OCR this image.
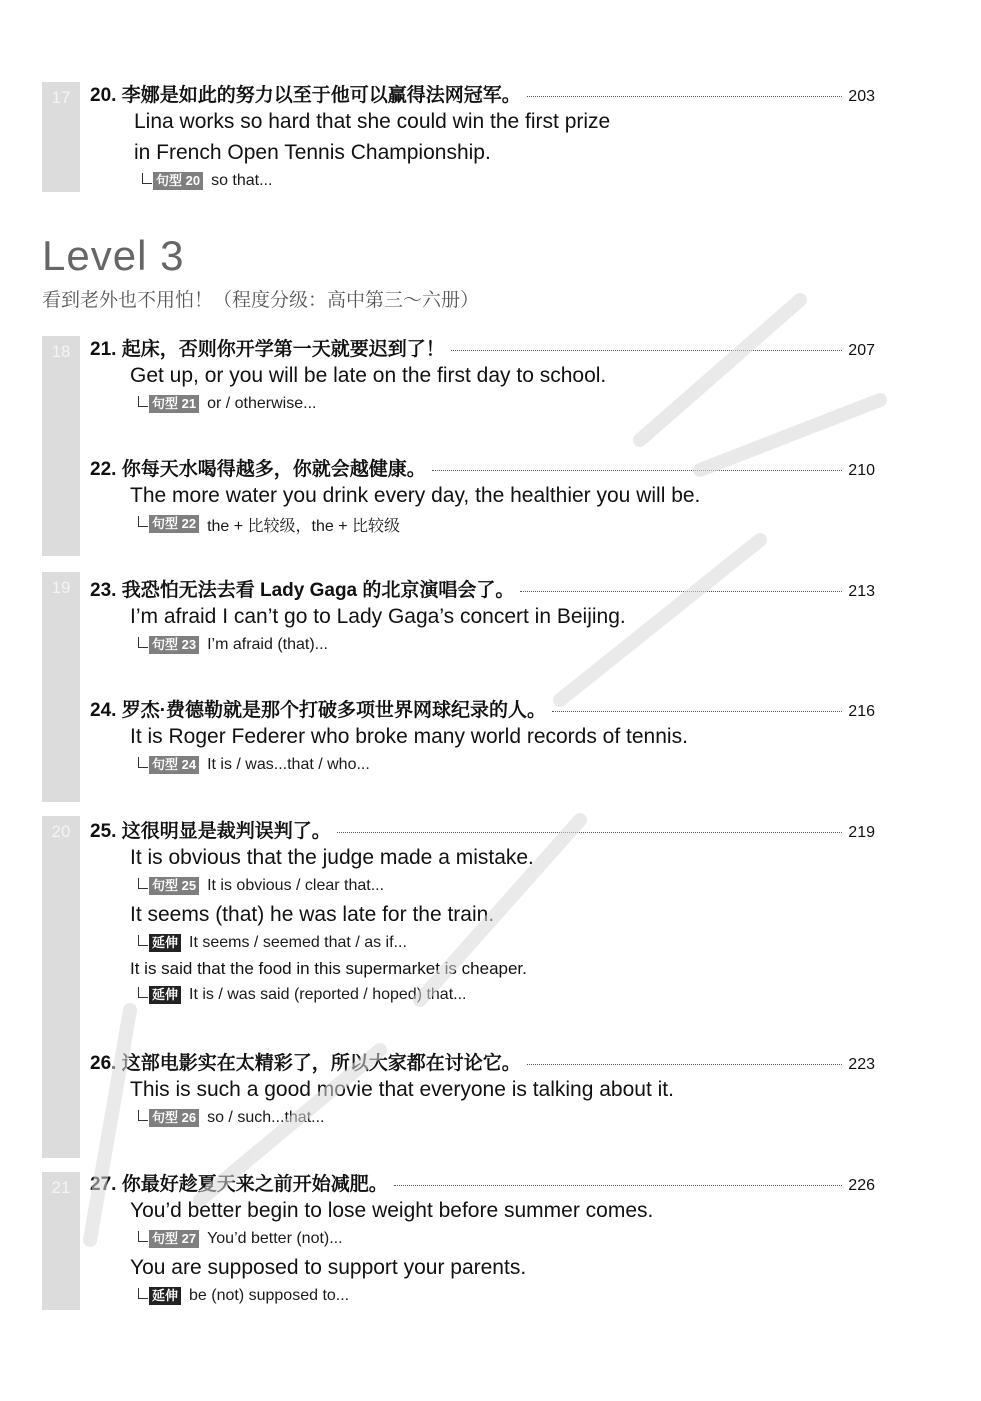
17
18
19
20
21
20. 李娜是如此的努力以至于他可以赢得法网冠军。	203
Lina works so hard that she could win the first prize
in French Open Tennis Championship.
句型 20 so that...
Level 3
看到老外也不用怕！（程度分级：高中第三～六册）
21. 起床，否则你开学第一天就要迟到了！	207
Get up, or you will be late on the first day to school.
句型 21 or / otherwise...
22. 你每天水喝得越多，你就会越健康。	210
The more water you drink every day, the healthier you will be.
句型 22 the + 比较级，the + 比较级
23. 我恐怕无法去看 Lady Gaga 的北京演唱会了。	213
I’m afraid I can’t go to Lady Gaga’s concert in Beijing.
句型 23 I’m afraid (that)...
24. 罗杰·费德勒就是那个打破多项世界网球纪录的人。	216
It is Roger Federer who broke many world records of tennis.
句型 24 It is / was...that / who...
25. 这很明显是裁判误判了。	219
It is obvious that the judge made a mistake.
句型 25 It is obvious / clear that...
It seems (that) he was late for the train.
延伸 It seems / seemed that / as if...
It is said that the food in this supermarket is cheaper.
延伸 It is / was said (reported / hoped) that...
26. 这部电影实在太精彩了，所以大家都在讨论它。	223
This is such a good movie that everyone is talking about it.
句型 26 so / such...that...
27. 你最好趁夏天来之前开始减肥。	226
You’d better begin to lose weight before summer comes.
句型 27 You’d better (not)...
You are supposed to support your parents.
延伸 be (not) supposed to...
